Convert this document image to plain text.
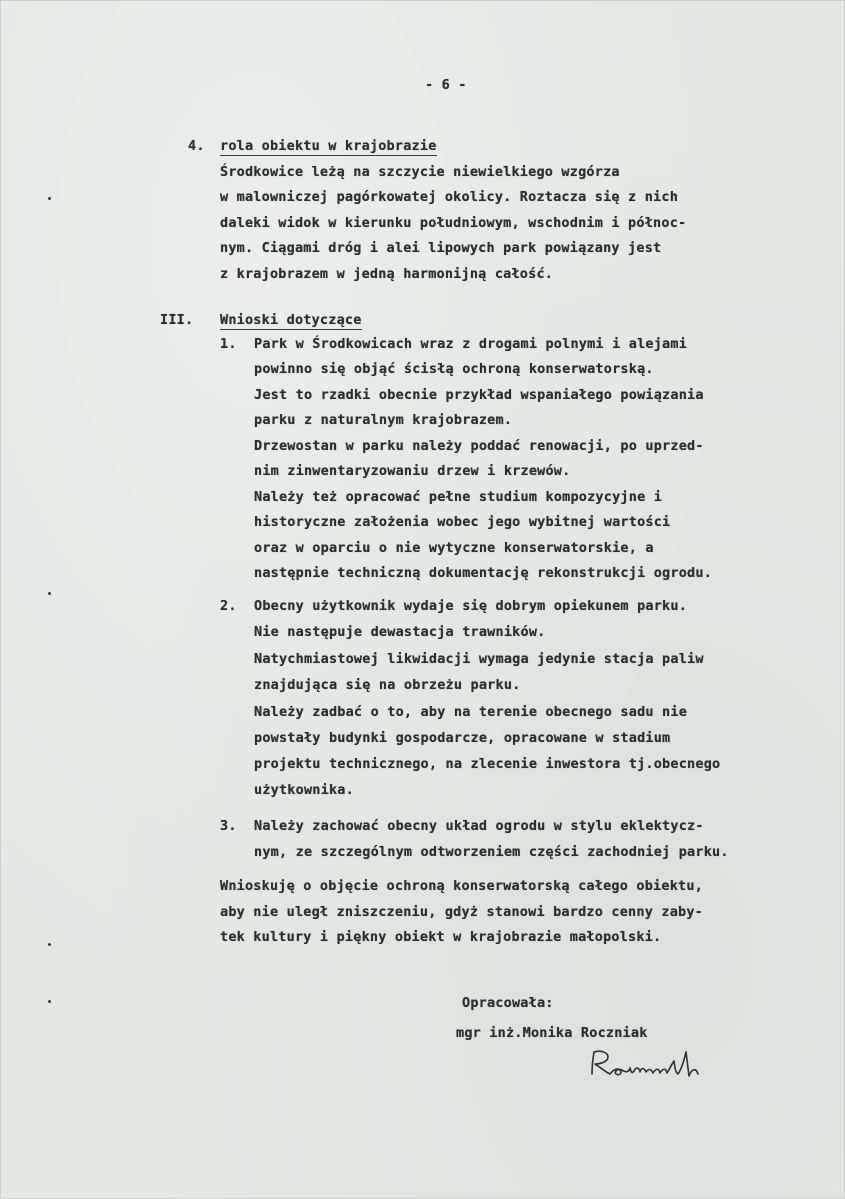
- 6 -
4. rola obiektu w krajobrazie
Środkowice leżą na szczycie niewielkiego wzgórza
w malowniczej pagórkowatej okolicy. Roztacza się z nich
daleki widok w kierunku południowym, wschodnim i północ-
nym. Ciągami dróg i alei lipowych park powiązany jest
z krajobrazem w jedną harmonijną całość.
III. Wnioski dotyczące
1. Park w Środkowicach wraz z drogami polnymi i alejami
powinno się objąć ścisłą ochroną konserwatorską.
Jest to rzadki obecnie przykład wspaniałego powiązania
parku z naturalnym krajobrazem.
Drzewostan w parku należy poddać renowacji, po uprzed-
nim zinwentaryzowaniu drzew i krzewów.
Należy też opracować pełne studium kompozycyjne i
historyczne założenia wobec jego wybitnej wartości
oraz w oparciu o nie wytyczne konserwatorskie, a
następnie techniczną dokumentację rekonstrukcji ogrodu.
2. Obecny użytkownik wydaje się dobrym opiekunem parku.
Nie następuje dewastacja trawników.
Natychmiastowej likwidacji wymaga jedynie stacja paliw
znajdująca się na obrzeżu parku.
Należy zadbać o to, aby na terenie obecnego sadu nie
powstały budynki gospodarcze, opracowane w stadium
projektu technicznego, na zlecenie inwestora tj.obecnego
użytkownika.
3. Należy zachować obecny układ ogrodu w stylu eklektycz-
nym, ze szczególnym odtworzeniem części zachodniej parku.
Wnioskuję o objęcie ochroną konserwatorską całego obiektu,
aby nie uległ zniszczeniu, gdyż stanowi bardzo cenny zaby-
tek kultury i piękny obiekt w krajobrazie małopolski.
Opracowała:
mgr inż.Monika Roczniak
